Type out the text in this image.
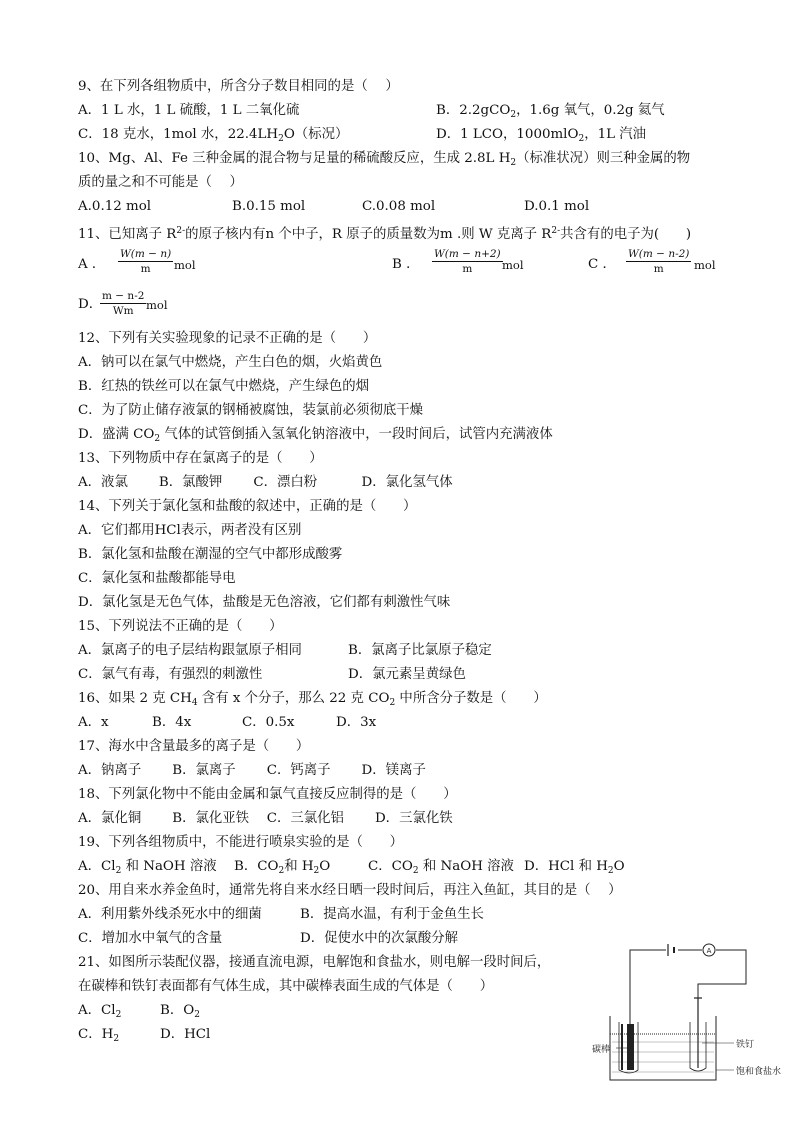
9、在下列各组物质中，所含分子数目相同的是（　 ）
A．1 L 水，1 L 硫酸，1 L 二氧化硫	B．2.2gCO$_2$，1.6g 氧气，0.2g 氦气
C．18 克水，1mol 水，$22.4LH_2O$（标况）	D．1 LCO，1000mlO$_2$，1L 汽油
10、Mg、Al、Fe 三种金属的混合物与足量的稀硫酸反应，生成 2.8L $H_2$（标准状况）则三种金属的物
质的量之和不可能是（　 ）
A.0.12 mol	B.0.15 mol	C.0.08 mol	D.0.1 mol
11、已知离子 $R^{2-}$的原子核内有n 个中子，R 原子的质量数为m .则 W 克离子 $R^{2-}$共含有的电子为(　　)
A ． $\frac{W(m - n)}{m}$ mol	B ． $\frac{W(m - n+2)}{m}$ mol	C ． $\frac{W(m - n-2)}{m}$ mol
D．
$\frac{m - n-2}{Wm}$ mol
12、下列有关实验现象的记录不正确的是（　　）
A．钠可以在氯气中燃烧，产生白色的烟，火焰黄色
B．红热的铁丝可以在氯气中燃烧，产生绿色的烟
C．为了防止储存液氯的钢桶被腐蚀，装氯前必须彻底干燥
D．盛满 $CO_2$ 气体的试管倒插入氢氧化钠溶液中，一段时间后，试管内充满液体
13、下列物质中存在氯离子的是（　　）
A．液氯　　 B．氯酸钾　　 C．漂白粉　　　 D．氯化氢气体
14、下列关于氯化氢和盐酸的叙述中，正确的是（　　）
A．它们都用HCl表示，两者没有区别
B．氯化氢和盐酸在潮湿的空气中都形成酸雾
C．氯化氢和盐酸都能导电
D．氯化氢是无色气体，盐酸是无色溶液，它们都有刺激性气味
15、下列说法不正确的是（　　）
A．氯离子的电子层结构跟氩原子相同	B．氯离子比氯原子稳定
C．氯气有毒，有强烈的刺激性	D．氯元素呈黄绿色
16、如果 2 克 $CH_4$ 含有 x 个分子，那么 22 克 $CO_2$ 中所含分子数是（　　）
A．x	B．4x	C．0.5x	D．3x
17、海水中含量最多的离子是（　　）
A．钠离子　　 B．氯离子　　 C．钙离子　　 D．镁离子
18、下列氯化物中不能由金属和氯气直接反应制得的是（　　）
A．氯化铜　　 B．氯化亚铁　 C．三氯化铝　　 D．三氯化铁
19、下列各组物质中，不能进行喷泉实验的是（　　）
A．$Cl_2$ 和 NaOH 溶液 B．$CO_2$和 $H_2O$	C．$CO_2$ 和 NaOH 溶液 D．HCl 和 $H_2O$
20、用自来水养金鱼时，通常先将自来水经日晒一段时间后，再注入鱼缸，其目的是（　 ）
A．利用紫外线杀死水中的细菌	B．提高水温，有利于金鱼生长
C．增加水中氧气的含量	D．促使水中的次氯酸分解
21、如图所示装配仪器，接通直流电源，电解饱和食盐水，则电解一段时间后，
在碳棒和铁钉表面都有气体生成，其中碳棒表面生成的气体是（　　）
A．$Cl_2$	B．$O_2$
C．$H_2$	D．HCl
A
碳棒	铁钉
饱和食盐水
